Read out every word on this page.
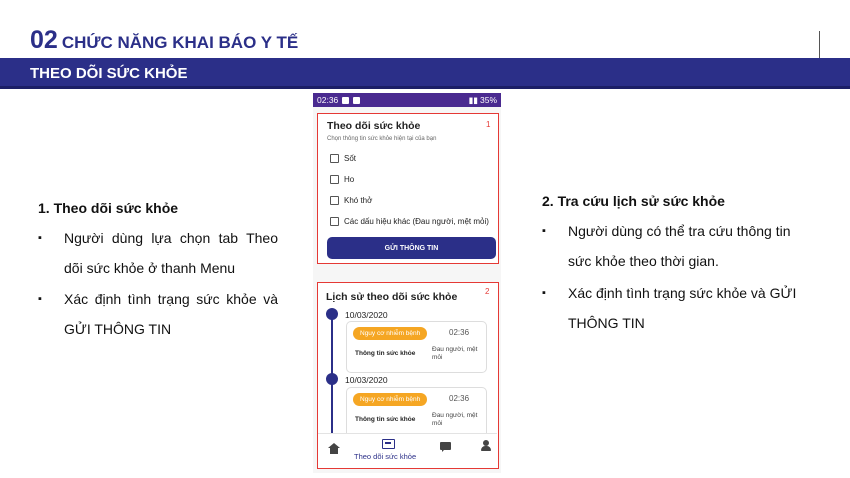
02 CHỨC NĂNG KHAI BÁO Y TẾ
THEO DÕI SỨC KHỎE
1. Theo dõi sức khỏe
▪ Người dùng lựa chọn tab Theo dõi sức khỏe ở thanh Menu
▪ Xác định tình trạng sức khỏe và GỬI THÔNG TIN
02:36	▮▮ 35%
Theo dõi sức khỏe	1
Chọn thông tin sức khỏe hiện tại của bạn
Sốt
Ho
Khó thở
Các dấu hiệu khác (Đau người, mệt mỏi)
GỬI THÔNG TIN
Lịch sử theo dõi sức khỏe	2
10/03/2020
Nguy cơ nhiễm bệnh	02:36
Thông tin sức khỏe
Đau người, mệt mỏi
10/03/2020
Nguy cơ nhiễm bệnh	02:36
Thông tin sức khỏe
Đau người, mệt mỏi
Theo dõi sức khỏe
2. Tra cứu lịch sử sức khỏe
▪ Người dùng có thể tra cứu thông tin sức khỏe theo thời gian.
▪ Xác định tình trạng sức khỏe và GỬI THÔNG TIN
